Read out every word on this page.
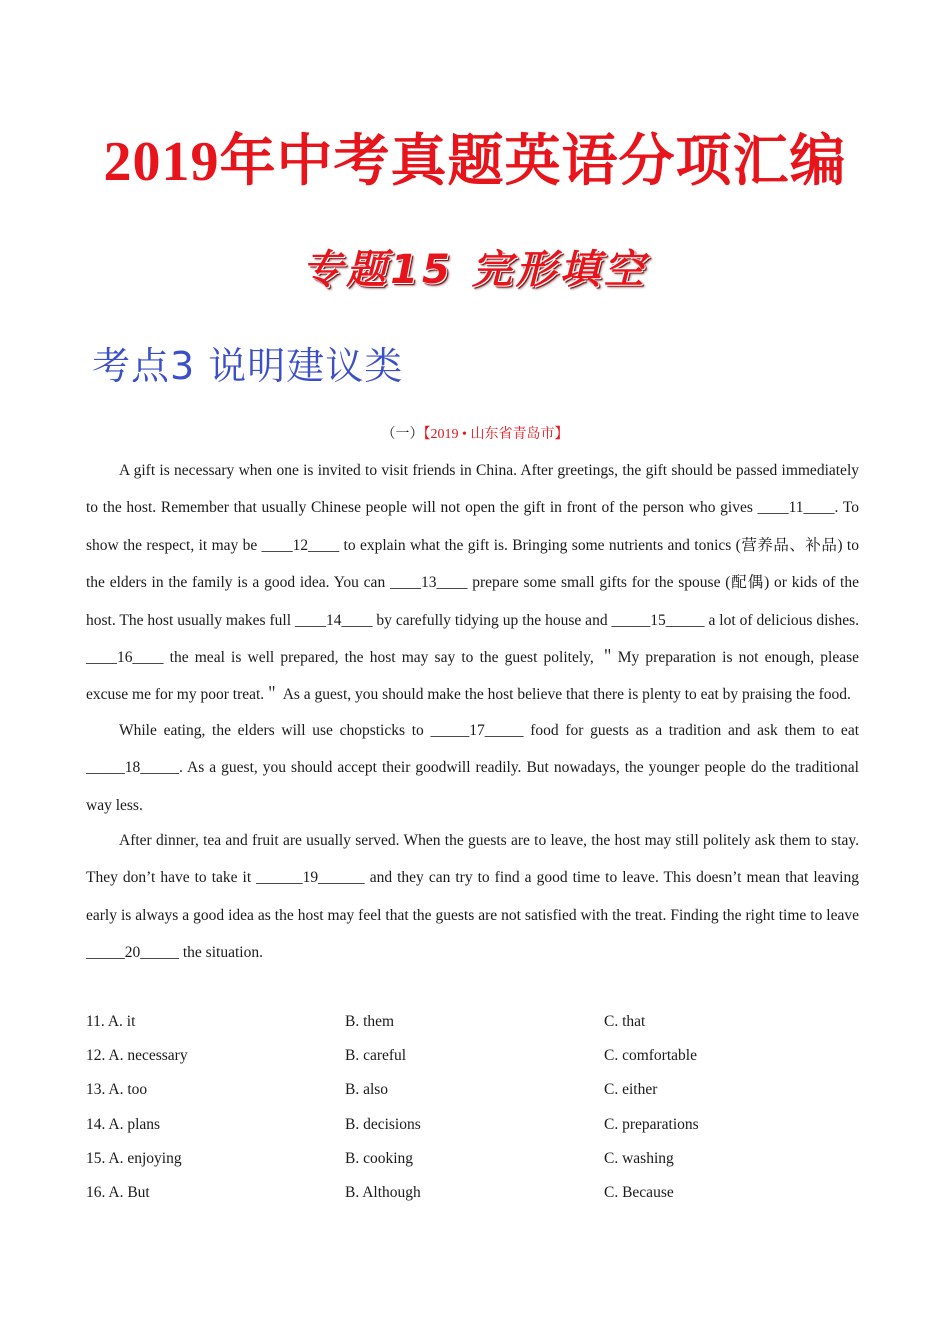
2019年中考真题英语分项汇编
专题15 完形填空
考点3 说明建议类
（一）【2019 • 山东省青岛市】

A gift is necessary when one is invited to visit friends in China. After greetings, the gift should be passed immediately to the host. Remember that usually Chinese people will not open the gift in front of the person who gives ____11____. To show the respect, it may be ____12____ to explain what the gift is. Bringing some nutrients and tonics (营养品、补品) to the elders in the family is a good idea. You can ____13____ prepare some small gifts for the spouse (配偶) or kids of the host. The host usually makes full ____14____ by carefully tidying up the house and _____15_____ a lot of delicious dishes. ____16____ the meal is well prepared, the host may say to the guest politely, ＂My preparation is not enough, please excuse me for my poor treat.＂ As a guest, you should make the host believe that there is plenty to eat by praising the food.

While eating, the elders will use chopsticks to _____17_____ food for guests as a tradition and ask them to eat _____18_____. As a guest, you should accept their goodwill readily. But nowadays, the younger people do the traditional way less.

After dinner, tea and fruit are usually served. When the guests are to leave, the host may still politely ask them to stay. They don’t have to take it ______19______ and they can try to find a good time to leave. This doesn’t mean that leaving early is always a good idea as the host may feel that the guests are not satisfied with the treat. Finding the right time to leave _____20_____ the situation.

11. A. it	B. them	C. that
12. A. necessary	B. careful	C. comfortable
13. A. too	B. also	C. either
14. A. plans	B. decisions	C. preparations
15. A. enjoying	B. cooking	C. washing
16. A. But	B. Although	C. Because
